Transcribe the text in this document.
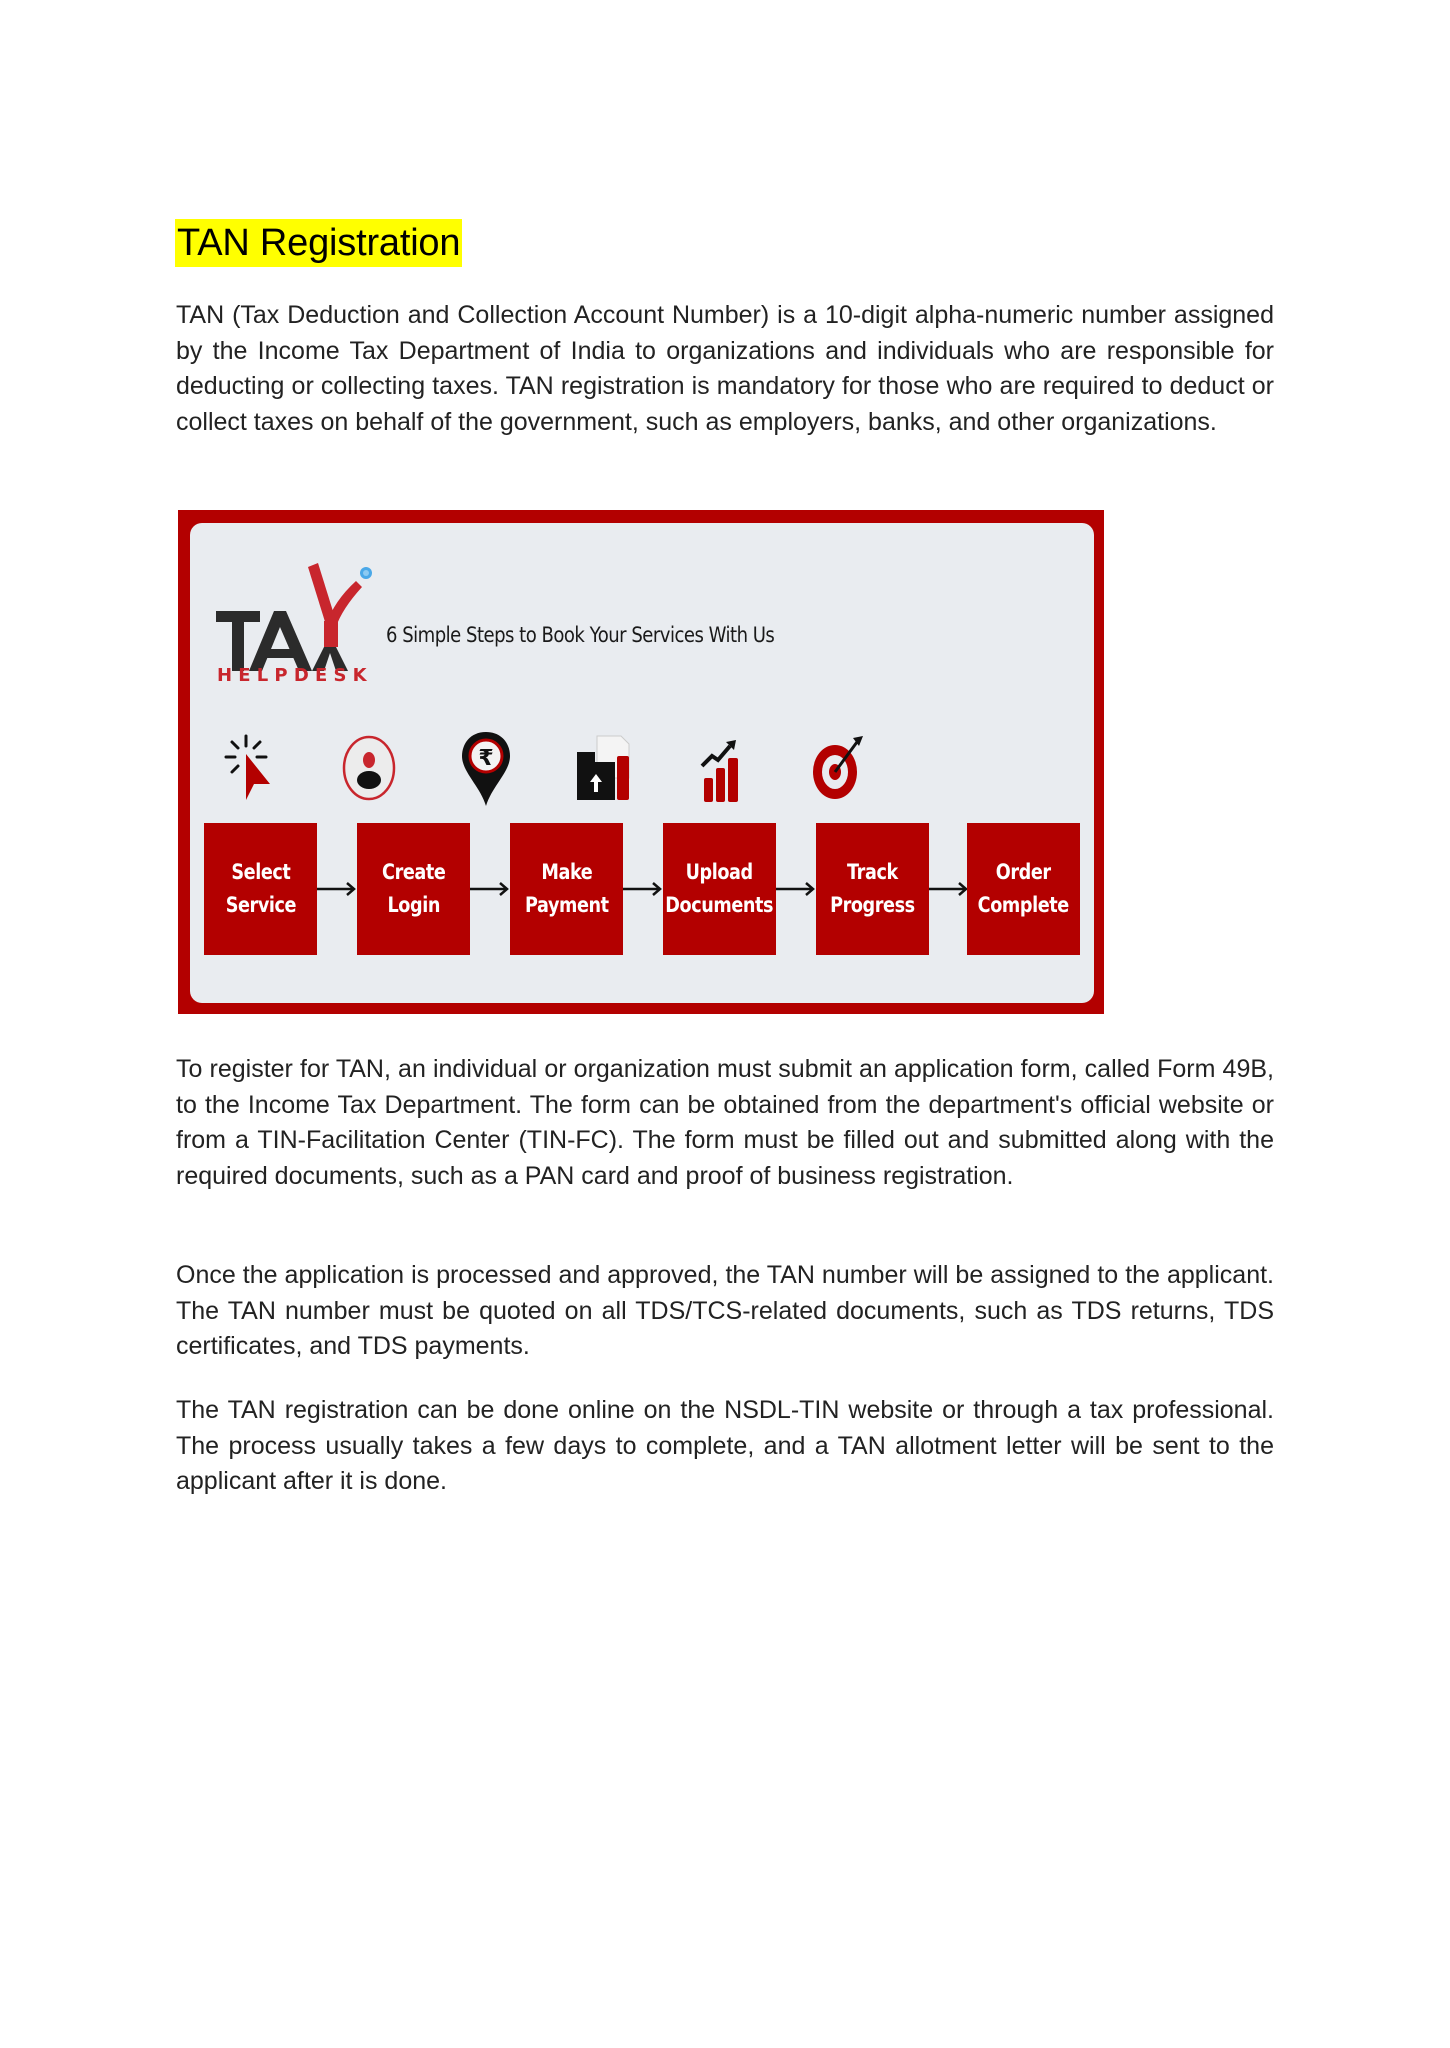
TAN Registration

TAN (Tax Deduction and Collection Account Number) is a 10-digit alpha-numeric number assigned by the Income Tax Department of India to organizations and individuals who are responsible for deducting or collecting taxes. TAN registration is mandatory for those who are required to deduct or collect taxes on behalf of the government, such as employers, banks, and other organizations.

HELPDESK
6 Simple Steps to Book Your Services With Us
₹
Select
Service
Create
Login
Make
Payment
Upload
Documents
Track
Progress
Order
Complete

To register for TAN, an individual or organization must submit an application form, called Form 49B, to the Income Tax Department. The form can be obtained from the department's official website or from a TIN-Facilitation Center (TIN-FC). The form must be filled out and submitted along with the required documents, such as a PAN card and proof of business registration.

Once the application is processed and approved, the TAN number will be assigned to the applicant. The TAN number must be quoted on all TDS/TCS-related documents, such as TDS returns, TDS certificates, and TDS payments.

The TAN registration can be done online on the NSDL-TIN website or through a tax professional. The process usually takes a few days to complete, and a TAN allotment letter will be sent to the applicant after it is done.
